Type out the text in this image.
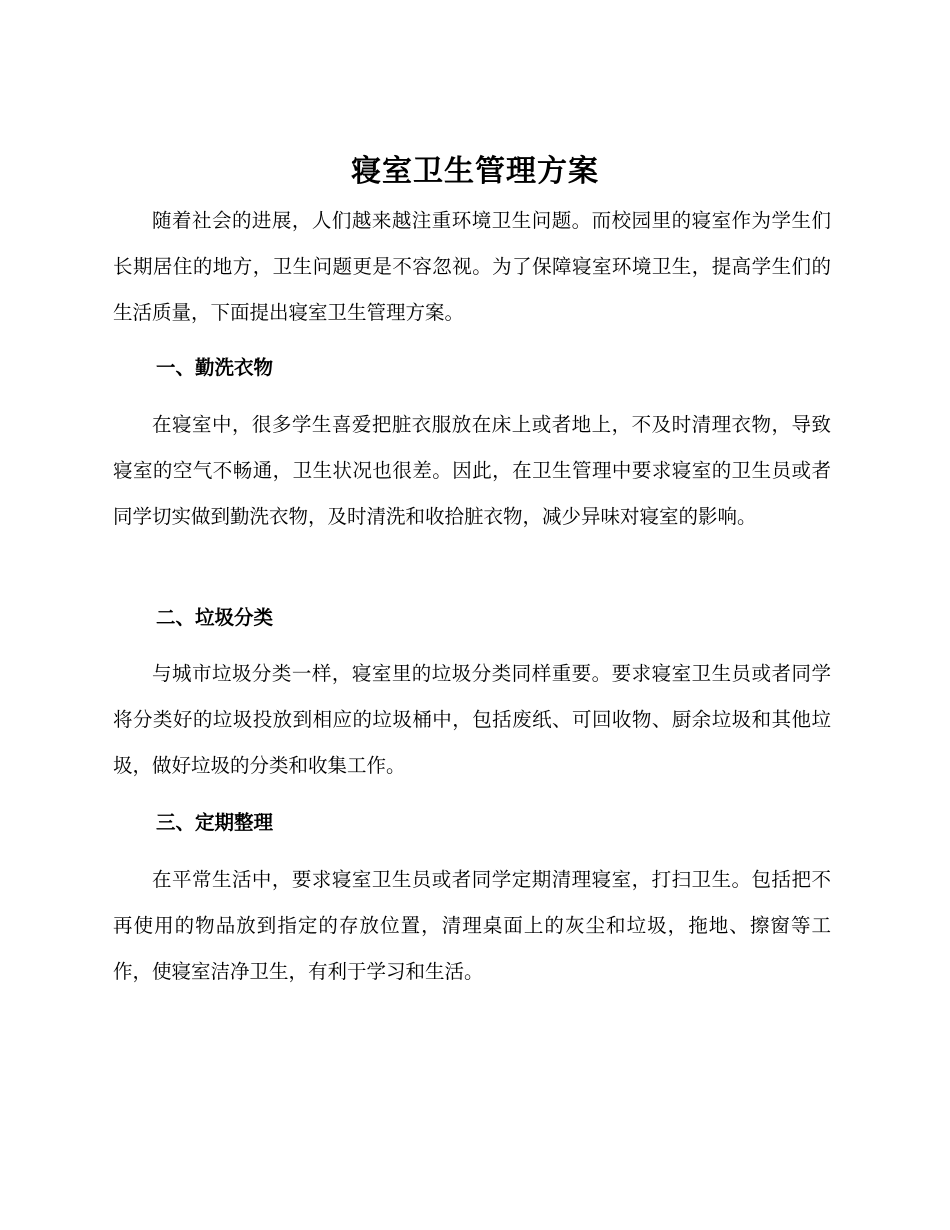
寝室卫生管理方案

随着社会的进展，人们越来越注重环境卫生问题。而校园里的寝室作为学生们长期居住的地方，卫生问题更是不容忽视。为了保障寝室环境卫生，提高学生们的生活质量，下面提出寝室卫生管理方案。

一、勤洗衣物

在寝室中，很多学生喜爱把脏衣服放在床上或者地上，不及时清理衣物，导致寝室的空气不畅通，卫生状况也很差。因此，在卫生管理中要求寝室的卫生员或者同学切实做到勤洗衣物，及时清洗和收拾脏衣物，减少异味对寝室的影响。

二、垃圾分类

与城市垃圾分类一样，寝室里的垃圾分类同样重要。要求寝室卫生员或者同学将分类好的垃圾投放到相应的垃圾桶中，包括废纸、可回收物、厨余垃圾和其他垃圾，做好垃圾的分类和收集工作。

三、定期整理

在平常生活中，要求寝室卫生员或者同学定期清理寝室，打扫卫生。包括把不再使用的物品放到指定的存放位置，清理桌面上的灰尘和垃圾，拖地、擦窗等工作，使寝室洁净卫生，有利于学习和生活。
